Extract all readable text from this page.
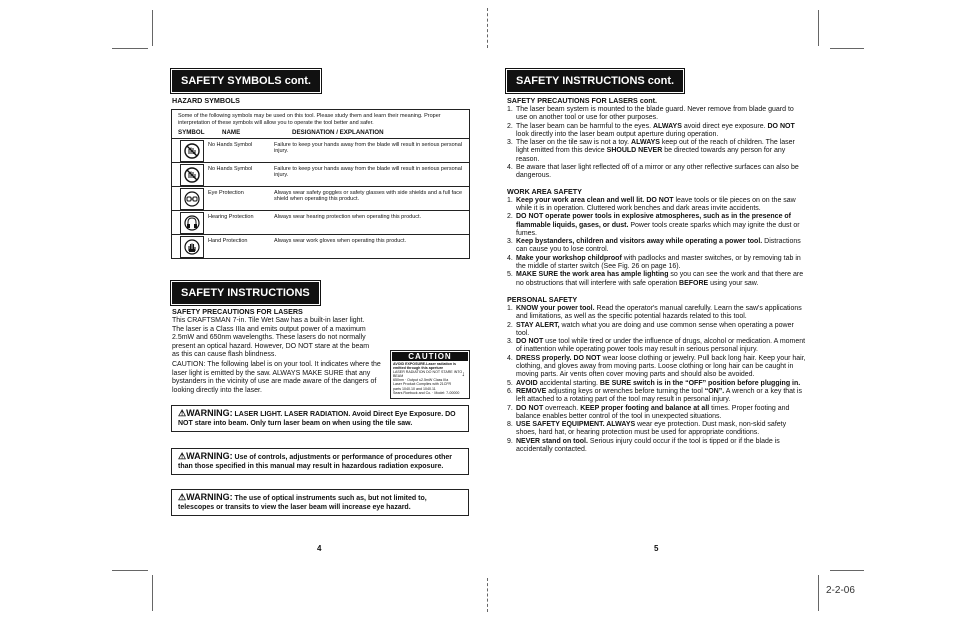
2-2-06
SAFETY SYMBOLS cont.
HAZARD SYMBOLS
Some of the following symbols may be used on this tool. Please study them and learn their meaning. Proper interpretation of these symbols will allow you to operate the tool better and safer.
SYMBOL	NAME	DESIGNATION / EXPLANATION
No Hands Symbol	Failure to keep your hands away from the blade will result in serious personal injury.
No Hands Symbol	Failure to keep your hands away from the blade will result in serious personal injury.
Eye Protection	Always wear safety goggles or safety glasses with side shields and a full face shield when operating this product.
Hearing Protection	Always wear hearing protection when operating this product.
Hand Protection	Always wear work gloves when operating this product.
SAFETY INSTRUCTIONS
SAFETY PRECAUTIONS FOR LASERS

This CRAFTSMAN 7-in. Tile Wet Saw has a built-in laser light. The laser is a Class IIIa and emits output power of a maximum 2.5mW and 650nm wavelengths. These lasers do not normally present an optical hazard. However, DO NOT stare at the beam as this can cause flash blindness.

CAUTION: The following label is on your tool. It indicates where the laser light is emitted by the saw. ALWAYS MAKE SURE that any bystanders in the vicinity of use are made aware of the dangers of looking directly into the laser.

CAUTION
AVOID EXPOSURE-Laser radiation is emitted through this aperture
LASER RADIATION DO NOT STARE INTO BEAM
650nm · Output ≤2.5mW Class IIIa Laser Product Complies with 21CFR parts 1040.10 and 1040.11
Sears Roebuck and Co. · Model: 7-00000
↓
⚠WARNING: LASER LIGHT. LASER RADIATION. Avoid Direct Eye Exposure. DO NOT stare into beam. Only turn laser beam on when using the tile saw.
⚠WARNING: Use of controls, adjustments or performance of procedures other than those specified in this manual may result in hazardous radiation exposure.
⚠WARNING: The use of optical instruments such as, but not limited to, telescopes or transits to view the laser beam will increase eye hazard.
4
SAFETY INSTRUCTIONS cont.
SAFETY PRECAUTIONS FOR LASERS cont.
1. The laser beam system is mounted to the blade guard. Never remove from blade guard to use on another tool or use for other purposes.
2. The laser beam can be harmful to the eyes. ALWAYS avoid direct eye exposure. DO NOT look directly into the laser beam output aperture during operation.
3. The laser on the tile saw is not a toy. ALWAYS keep out of the reach of children. The laser light emitted from this device SHOULD NEVER be directed towards any person for any reason.
4. Be aware that laser light reflected off of a mirror or any other reflective surfaces can also be dangerous.
WORK AREA SAFETY
1. Keep your work area clean and well lit. DO NOT leave tools or tile pieces on on the saw while it is in operation. Cluttered work benches and dark areas invite accidents.
2. DO NOT operate power tools in explosive atmospheres, such as in the presence of flammable liquids, gases, or dust. Power tools create sparks which may ignite the dust or fumes.
3. Keep bystanders, children and visitors away while operating a power tool. Distractions can cause you to lose control.
4. Make your workshop childproof with padlocks and master switches, or by removing tab in the middle of starter switch (See Fig. 26 on page 16).
5. MAKE SURE the work area has ample lighting so you can see the work and that there are no obstructions that will interfere with safe operation BEFORE using your saw.
PERSONAL SAFETY
1. KNOW your power tool. Read the operator's manual carefully. Learn the saw's applications and limitations, as well as the specific potential hazards related to this tool.
2. STAY ALERT, watch what you are doing and use common sense when operating a power tool.
3. DO NOT use tool while tired or under the influence of drugs, alcohol or medication. A moment of inattention while operating power tools may result in serious personal injury.
4. DRESS properly. DO NOT wear loose clothing or jewelry. Pull back long hair. Keep your hair, clothing, and gloves away from moving parts. Loose clothing or long hair can be caught in moving parts. Air vents often cover moving parts and should also be avoided.
5. AVOID accidental starting. BE SURE switch is in the “OFF” position before plugging in.
6. REMOVE adjusting keys or wrenches before turning the tool “ON”. A wrench or a key that is left attached to a rotating part of the tool may result in personal injury.
7. DO NOT overreach. KEEP proper footing and balance at all times. Proper footing and balance enables better control of the tool in unexpected situations.
8. USE SAFETY EQUIPMENT. ALWAYS wear eye protection. Dust mask, non-skid safety shoes, hard hat, or hearing protection must be used for appropriate conditions.
9. NEVER stand on tool. Serious injury could occur if the tool is tipped or if the blade is accidentally contacted.
5
